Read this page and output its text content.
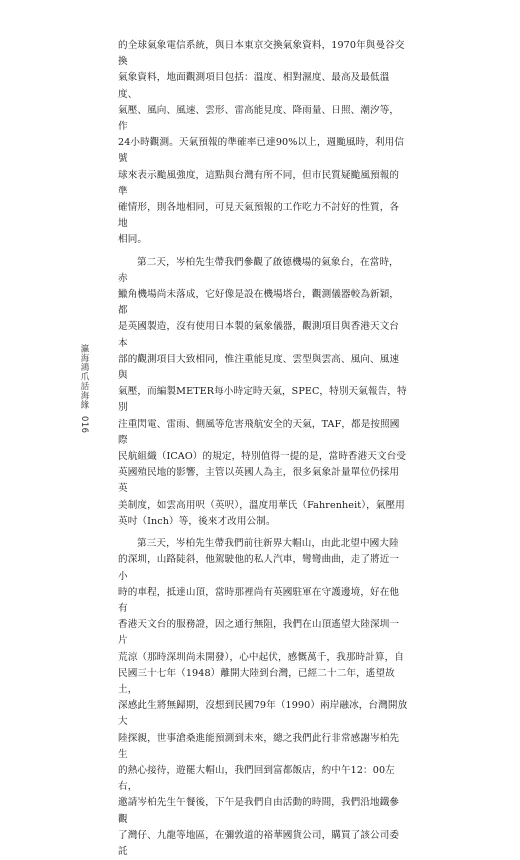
的全球氣象電信系統，與日本東京交換氣象資料，1970年與曼谷交換

氣象資料，地面觀測項目包括：溫度、相對濕度、最高及最低溫度、

氣壓、風向、風速、雲形、雷高能見度、降雨量、日照、潮汐等，作

24小時觀測。天氣預報的準確率已達90%以上，週颱風時，利用信號

球來表示颱風強度，這點與台灣有所不同，但市民質疑颱風預報的準

確情形，則各地相同，可見天氣預報的工作吃力不討好的性質，各地

相同。

第二天，岑柏先生帶我們參觀了啟德機場的氣象台，在當時，赤

鱲角機場尚未落成，它好像是設在機場塔台，觀測儀器較為新穎，都

是英國製造，沒有使用日本製的氣象儀器，觀測項目與香港天文台本

部的觀測項目大致相同，惟注重能見度、雲型與雲高、風向、風速與

氣壓，而編製METER每小時定時天氣，SPEC，特別天氣報告，特別

注重閃電、雷雨、側風等危害飛航安全的天氣，TAF，都是按照國際

民航組織（ICAO）的規定，特別值得一提的是，當時香港天文台受

英國殖民地的影響，主管以英國人為主，很多氣象計量單位仍採用英

美制度，如雲高用呎（英呎），溫度用華氏（Fahrenheit），氣壓用

英吋（Inch）等，後來才改用公制。

第三天，岑柏先生帶我們前往新界大帽山，由此北望中國大陸

的深圳，山路陡斜，他駕駛他的私人汽車，彎彎曲曲，走了將近一小

時的車程，抵達山頂，當時那裡尚有英國駐軍在守護邊境，好在他有

香港天文台的服務證，因之通行無阻，我們在山頂遙望大陸深圳一片

荒涼（那時深圳尚未開發），心中起伏，感慨萬千，我那時計算，自

民國三十七年（1948）離開大陸到台灣，已經二十二年，遙望故土，

深感此生將無歸期，沒想到民國79年（1990）兩岸融冰，台灣開放大

陸探親，世事滄桑進能預測到未來，總之我們此行非常感謝岑柏先生

的熱心接待，遊罷大帽山，我們回到富都飯店，約中午12：00左右，

邀請岑柏先生午餐後，下午是我們自由活動的時間，我們沿地鐵參觀

了灣仔、九龍等地區，在彌敦道的裕華國貨公司，購買了該公司委託

瀛海鴻爪話海緣
016
